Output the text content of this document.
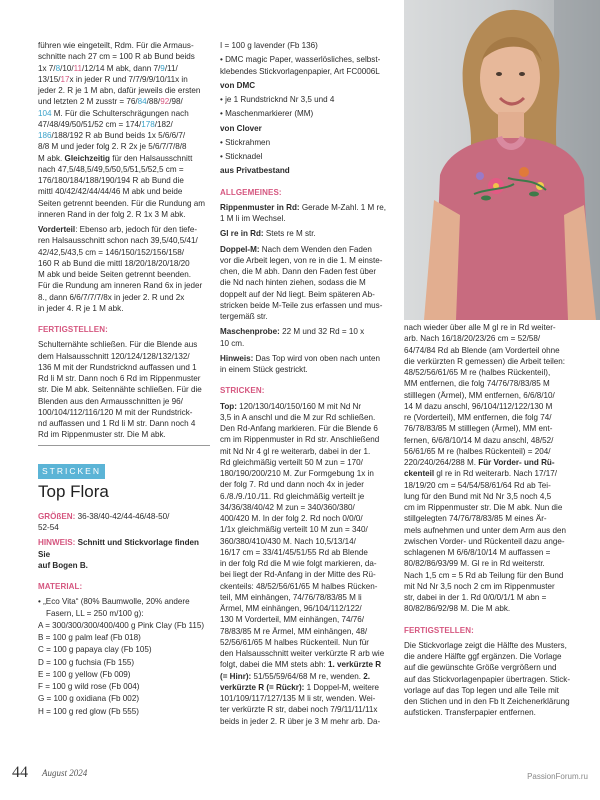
führen wie eingeteilt, Rdm. Für die Armaus-
schnitte nach 27 cm = 100 R ab Bund beids
1x 7/8/10/11/12/14 M abk, dann 7/9/11/
13/15/17x in jeder R und 7/7/9/9/10/11x in
jeder 2. R je 1 M abn, dafür jeweils die ersten
und letzten 2 M zusstr = 76/84/88/92/98/
104 M. Für die Schulterschrägungen nach
47/48/49/50/51/52 cm = 174/178/182/
186/188/192 R ab Bund beids 1x 5/6/6/7/
8/8 M und jeder folg 2. R 2x je 5/6/7/7/8/8
M abk. Gleichzeitig für den Halsausschnitt
nach 47,5/48,5/49,5/50,5/51,5/52,5 cm =
176/180/184/188/190/194 R ab Bund die
mittl 40/42/42/44/44/46 M abk und beide
Seiten getrennt beenden. Für die Rundung am
inneren Rand in der folg 2. R 1x 3 M abk.

Vorderteil: Ebenso arb, jedoch für den tiefe-
ren Halsausschnitt schon nach 39,5/40,5/41/
42/42,5/43,5 cm = 146/150/152/156/158/
160 R ab Bund die mittl 18/20/18/20/18/20
M abk und beide Seiten getrennt beenden.
Für die Rundung am inneren Rand 6x in jeder
8., dann 6/6/7/7/7/8x in jeder 2. R und 2x
in jeder 4. R je 1 M abk.

FERTIGSTELLEN:

Schulternähte schließen. Für die Blende aus
dem Halsausschnitt 120/124/128/132/132/
136 M mit der Rundstricknd auffassen und 1
Rd li M str. Dann noch 6 Rd im Rippenmuster
str. Die M abk. Seitennähte schließen. Für die
Blenden aus den Armausschnitten je 96/
100/104/112/116/120 M mit der Rundstrick-
nd auffassen und 1 Rd li M str. Dann noch 4
Rd im Rippenmuster str. Die M abk.

STRICKEN
Top Flora

GRÖßEN: 36-38/40-42/44-46/48-50/
52-54

HINWEIS: Schnitt und Stickvorlage finden Sie
auf Bogen B.

MATERIAL:
• „Eco Vita“ (80% Baumwolle, 20% andere Fasern, LL = 250 m/100 g):
A = 300/300/300/400/400 g Pink Clay (Fb 115)
B = 100 g palm leaf (Fb 018)
C = 100 g papaya clay (Fb 105)
D = 100 g fuchsia (Fb 155)
E = 100 g yellow (Fb 009)
F = 100 g wild rose (Fb 004)
G = 100 g oxidiana (Fb 002)
H = 100 g red glow (Fb 555)
I = 100 g lavender (Fb 136)
• DMC magic Paper, wasserlösliches, selbst-
klebendes Stickvorlagenpapier, Art FC0006L
von DMC
• je 1 Rundstricknd Nr 3,5 und 4
• Maschenmarkierer (MM)
von Clover
• Stickrahmen
• Sticknadel
aus Privatbestand
ALLGEMEINES:

Rippenmuster in Rd: Gerade M-Zahl. 1 M re,
1 M li im Wechsel.

Gl re in Rd: Stets re M str.

Doppel-M: Nach dem Wenden den Faden
vor die Arbeit legen, von re in die 1. M einste-
chen, die M abh. Dann den Faden fest über
die Nd nach hinten ziehen, sodass die M
doppelt auf der Nd liegt. Beim späteren Ab-
stricken beide M-Teile zus erfassen und mus-
tergemäß str.

Maschenprobe: 22 M und 32 Rd = 10 x
10 cm.

Hinweis: Das Top wird von oben nach unten
in einem Stück gestrickt.

STRICKEN:

Top: 120/130/140/150/160 M mit Nd Nr
3,5 in A anschl und die M zur Rd schließen.
Den Rd-Anfang markieren. Für die Blende 6
cm im Rippenmuster in Rd str. Anschließend
mit Nd Nr 4 gl re weiterarb, dabei in der 1.
Rd gleichmäßig verteilt 50 M zun = 170/
180/190/200/210 M. Zur Formgebung 1x in
der folg 7. Rd und dann noch 4x in jeder
6./8./9./10./11. Rd gleichmäßig verteilt je
34/36/38/40/42 M zun = 340/360/380/
400/420 M. In der folg 2. Rd noch 0/0/0/
1/1x gleichmäßig verteilt 10 M zun = 340/
360/380/410/430 M. Nach 10,5/13/14/
16/17 cm = 33/41/45/51/55 Rd ab Blende
in der folg Rd die M wie folgt markieren, da-
bei liegt der Rd-Anfang in der Mitte des Rü-
ckenteils: 48/52/56/61/65 M halbes Rücken-
teil, MM einhängen, 74/76/78/83/85 M li
Ärmel, MM einhängen, 96/104/112/122/
130 M Vorderteil, MM einhängen, 74/76/
78/83/85 M re Ärmel, MM einhängen, 48/
52/56/61/65 M halbes Rückenteil. Nun für
den Halsausschnitt weiter verkürzte R arb wie
folgt, dabei die MM stets abh: 1. verkürzte R
(= Hinr): 51/55/59/64/68 M re, wenden. 2.
verkürzte R (= Rückr): 1 Doppel-M, weitere
101/109/117/127/135 M li str, wenden. Wei-
ter verkürzte R str, dabei noch 7/9/11/11/11x
beids in jeder 2. R über je 3 M mehr arb. Da-

nach wieder über alle M gl re in Rd weiter-
arb. Nach 16/18/20/23/26 cm = 52/58/
64/74/84 Rd ab Blende (am Vorderteil ohne
die verkürzten R gemessen) die Arbeit teilen:
48/52/56/61/65 M re (halbes Rückenteil),
MM entfernen, die folg 74/76/78/83/85 M
stilllegen (Ärmel), MM entfernen, 6/6/8/10/
14 M dazu anschl, 96/104/112/122/130 M
re (Vorderteil), MM entfernen, die folg 74/
76/78/83/85 M stilllegen (Ärmel), MM ent-
fernen, 6/6/8/10/14 M dazu anschl, 48/52/
56/61/65 M re (halbes Rückenteil) = 204/
220/240/264/288 M. Für Vorder- und Rü-
ckenteil gl re in Rd weiterarb. Nach 17/17/
18/19/20 cm = 54/54/58/61/64 Rd ab Tei-
lung für den Bund mit Nd Nr 3,5 noch 4,5
cm im Rippenmuster str. Die M abk. Nun die
stillgelegten 74/76/78/83/85 M eines Är-
mels aufnehmen und unter dem Arm aus den
zwischen Vorder- und Rückenteil dazu ange-
schlagenen M 6/6/8/10/14 M auffassen =
80/82/86/93/99 M. Gl re in Rd weiterstr.
Nach 1,5 cm = 5 Rd ab Teilung für den Bund
mit Nd Nr 3,5 noch 2 cm im Rippenmuster
str, dabei in der 1. Rd 0/0/0/1/1 M abn =
80/82/86/92/98 M. Die M abk.

FERTIGSTELLEN:

Die Stickvorlage zeigt die Hälfte des Musters,
die andere Hälfte ggf ergänzen. Die Vorlage
auf die gewünschte Größe vergrößern und
auf das Stickvorlagenpapier übertragen. Stick-
vorlage auf das Top legen und alle Teile mit
den Stichen und in den Fb lt Zeichenerklärung
aufsticken. Transferpapier entfernen.

44 August 2024	PassionForum.ru
